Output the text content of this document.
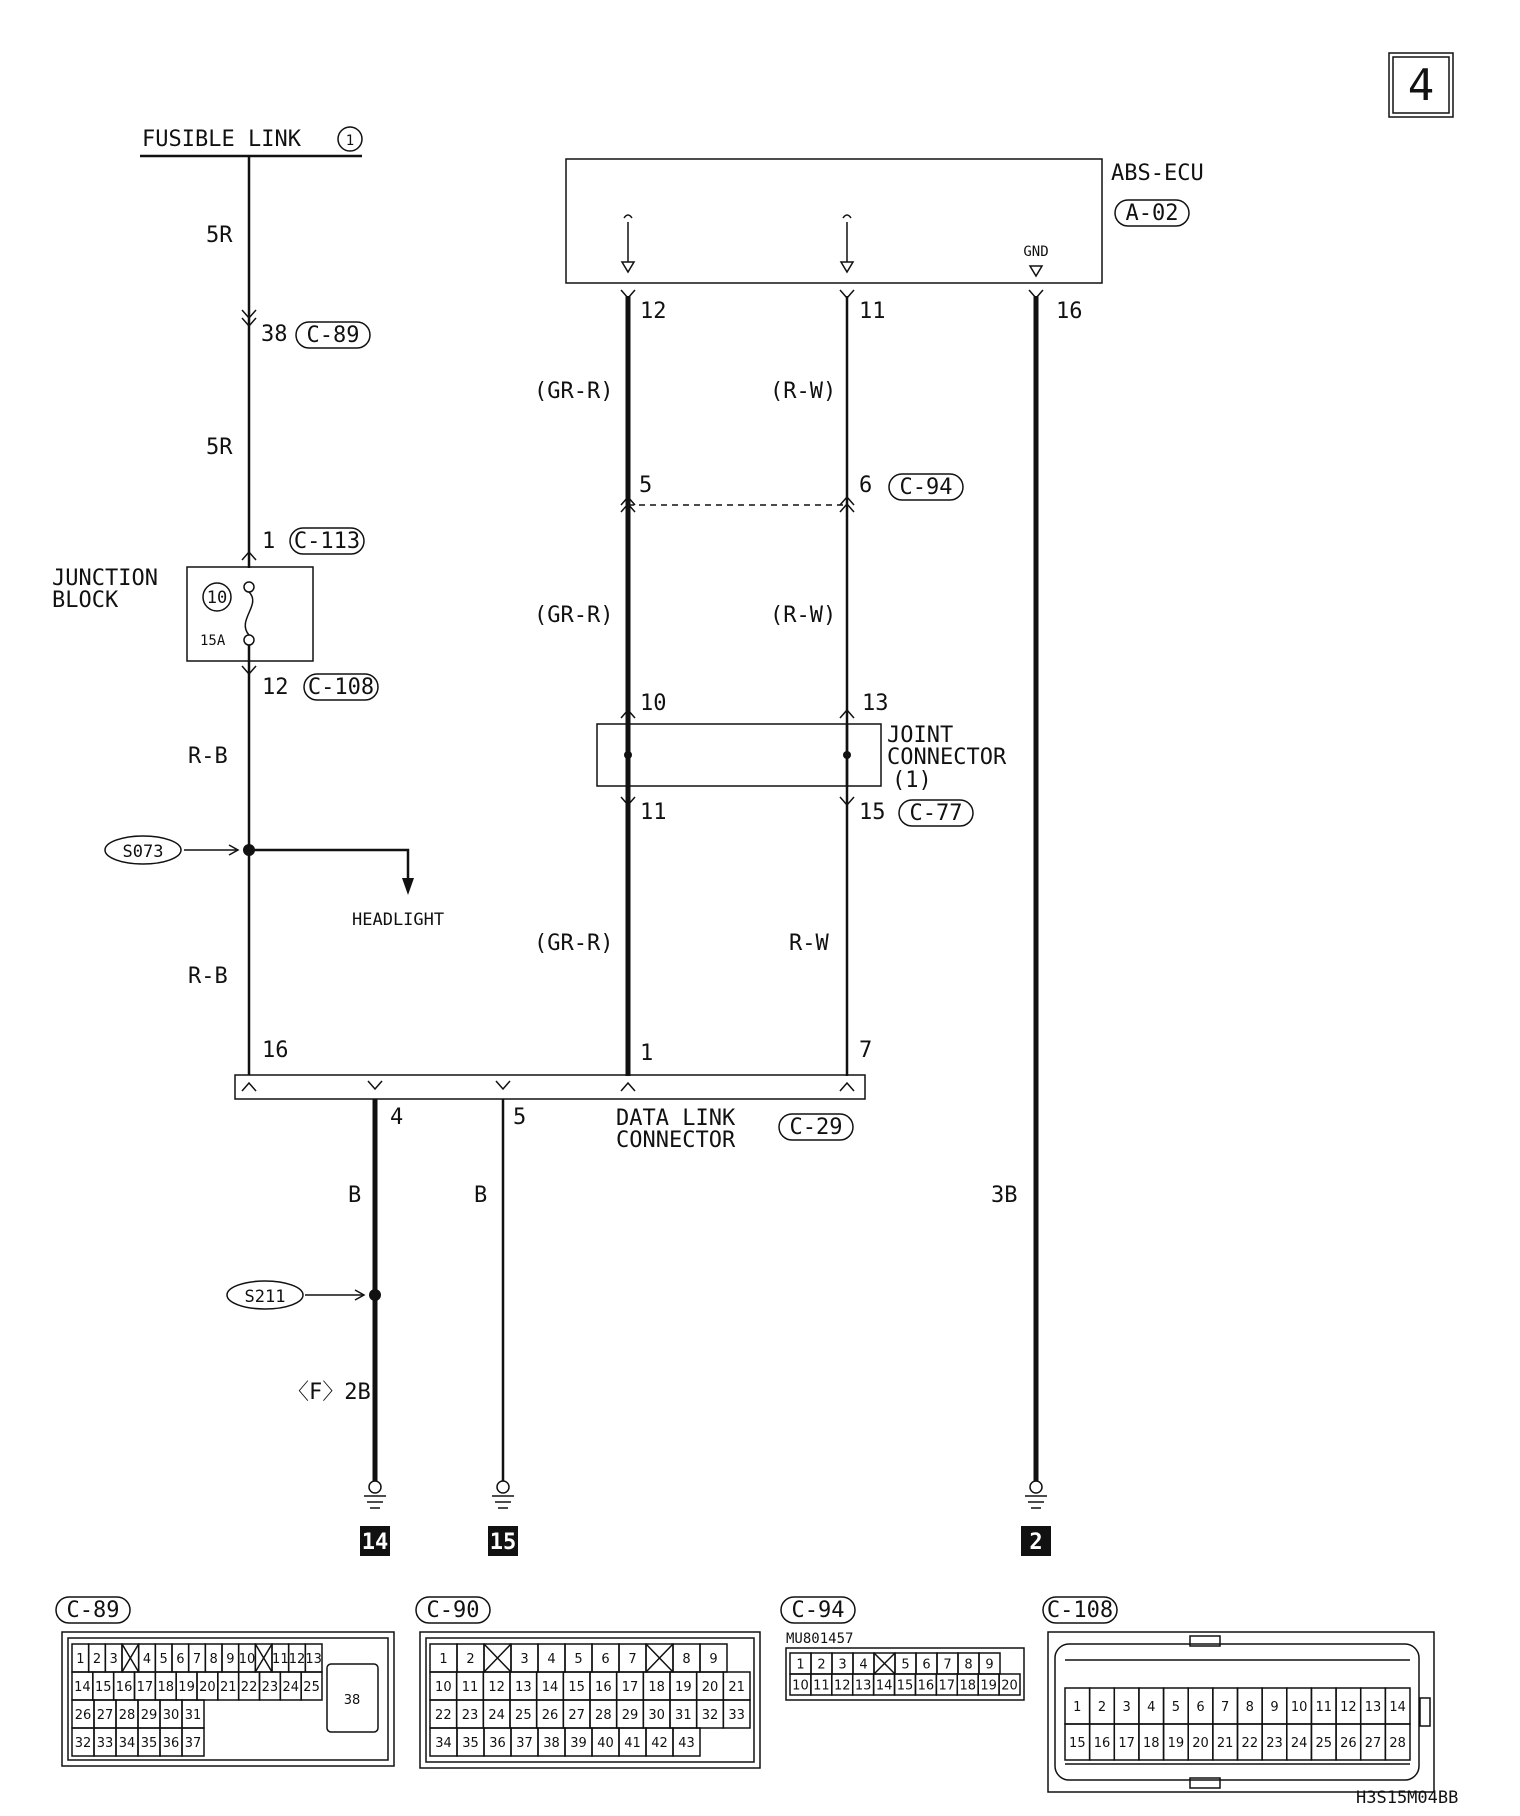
4
FUSIBLE LINK	1
5R
5R
R-B
R-B
38 C-89
1 C-113
JUNCTION
BLOCK	10
15A
12 C-108
S073
HEADLIGHT
ABS-ECU
A-02
GND
12
(GR-R)
(GR-R)
(GR-R)
11
(R-W)
(R-W)
R-W
5	6 C-94
10	13
JOINT
CONNECTOR
(1)
11	15 C-77
16
3B
16	1	7
4	5	DATA LINK
CONNECTOR
C-29
B	B
〈F〉2B
S211
14	15	2
C-89
1 2 3 4 5 6 7 8 9 10 11 12 13
14 15 16 17 18 19 20 21 22 23 24 25
26 27 28 29 30 31
32 33 34 35 36 37
38
C-90
1 2	3 4 5 6 7	8 9
10 11 12 13 14 15 16 17 18 19 20 21
22 23 24 25 26 27 28 29 30 31 32 33
34 35 36 37 38 39 40 41 42 43
C-94
MU801457
1 2 3 4	5 6 7 8 9
10 11 12 13 14 15 16 17 18 19 20
C-108
1 2 3 4 5 6 7 8 9 10 11 12 13 14
15 16 17 18 19 20 21 22 23 24 25 26 27 28
H3S15M04BB
